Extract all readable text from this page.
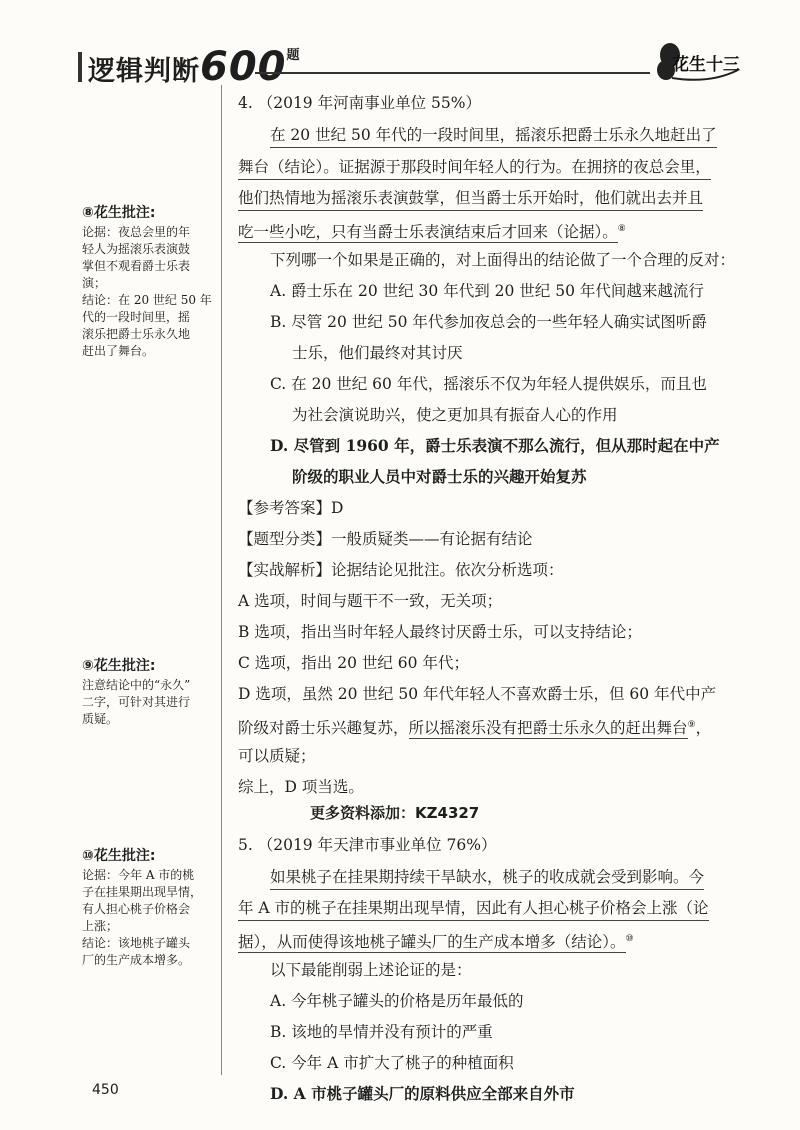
逻辑判断$600^题$	花生十三
⑧花生批注:
论据：夜总会里的年
轻人为摇滚乐表演鼓
掌但不观看爵士乐表
演；
结论：在 20 世纪 50 年
代的一段时间里，摇
滚乐把爵士乐永久地
赶出了舞台。
⑨花生批注:
注意结论中的“永久”
二字，可针对其进行
质疑。
⑩花生批注:
论据：今年 A 市的桃
子在挂果期出现旱情，
有人担心桃子价格会
上涨；
结论：该地桃子罐头
厂的生产成本增多。
4. （2019 年河南事业单位 55%）
在 20 世纪 50 年代的一段时间里，摇滚乐把爵士乐永久地赶出了
舞台（结论）。证据源于那段时间年轻人的行为。在拥挤的夜总会里，
他们热情地为摇滚乐表演鼓掌，但当爵士乐开始时，他们就出去并且
吃一些小吃，只有当爵士乐表演结束后才回来（论据）。⑧
下列哪一个如果是正确的，对上面得出的结论做了一个合理的反对：
A. 爵士乐在 20 世纪 30 年代到 20 世纪 50 年代间越来越流行
B. 尽管 20 世纪 50 年代参加夜总会的一些年轻人确实试图听爵
士乐，他们最终对其讨厌
C. 在 20 世纪 60 年代，摇滚乐不仅为年轻人提供娱乐，而且也
为社会演说助兴，使之更加具有振奋人心的作用
D. 尽管到 1960 年，爵士乐表演不那么流行，但从那时起在中产
阶级的职业人员中对爵士乐的兴趣开始复苏
【参考答案】D
【题型分类】一般质疑类——有论据有结论
【实战解析】论据结论见批注。依次分析选项：
A 选项，时间与题干不一致，无关项；
B 选项，指出当时年轻人最终讨厌爵士乐，可以支持结论；
C 选项，指出 20 世纪 60 年代；
D 选项，虽然 20 世纪 50 年代年轻人不喜欢爵士乐，但 60 年代中产
阶级对爵士乐兴趣复苏，所以摇滚乐没有把爵士乐永久的赶出舞台⑨，
可以质疑；
综上，D 项当选。
更多资料添加：KZ4327
5. （2019 年天津市事业单位 76%）
如果桃子在挂果期持续干旱缺水，桃子的收成就会受到影响。今
年 A 市的桃子在挂果期出现旱情，因此有人担心桃子价格会上涨（论
据），从而使得该地桃子罐头厂的生产成本增多（结论）。⑩
以下最能削弱上述论证的是：
A. 今年桃子罐头的价格是历年最低的
B. 该地的旱情并没有预计的严重
C. 今年 A 市扩大了桃子的种植面积
D. A 市桃子罐头厂的原料供应全部来自外市
450
